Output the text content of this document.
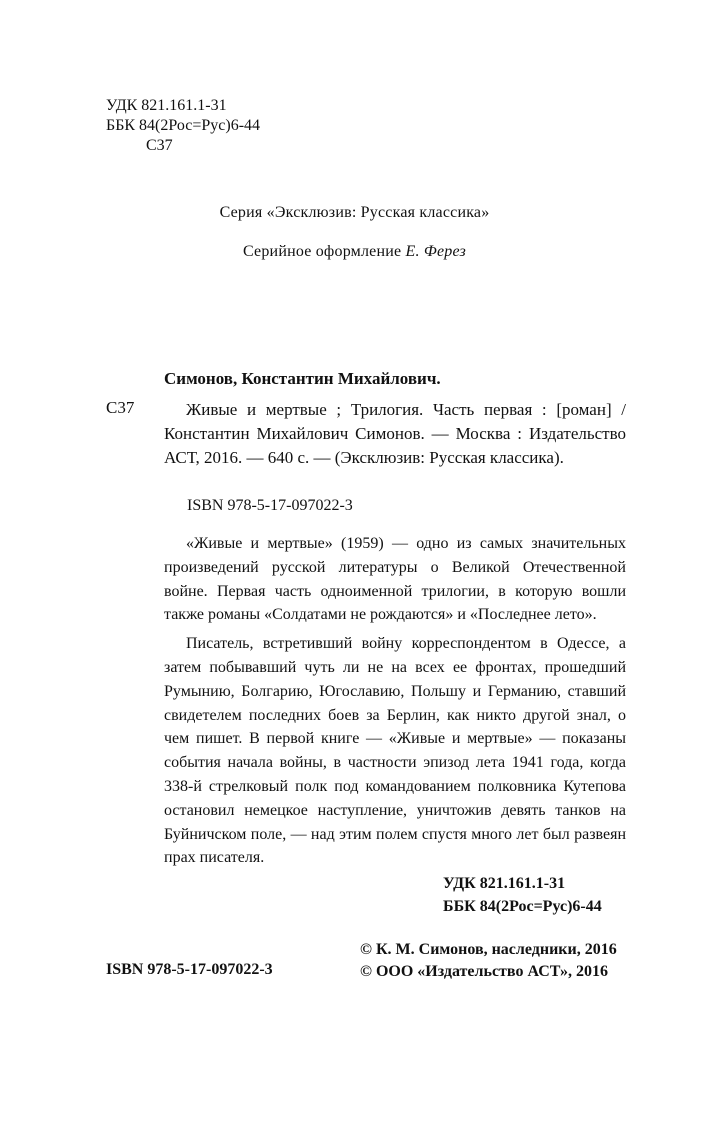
УДК 821.161.1-31
ББК 84(2Рос=Рус)6-44
С37
Серия «Эксклюзив: Русская классика»
Серийное оформление Е. Ферез
Симонов, Константин Михайлович.
С37	Живые и мертвые ; Трилогия. Часть первая : [роман] / Константин Михайлович Симонов. — Москва : Издательство АСТ, 2016. — 640 с. — (Эксклюзив: Русская классика).
ISBN 978-5-17-097022-3

«Живые и мертвые» (1959) — одно из самых значительных произведений русской литературы о Великой Отечественной войне. Первая часть одноименной трилогии, в которую вошли также романы «Солдатами не рождаются» и «Последнее лето».

Писатель, встретивший войну корреспондентом в Одессе, а затем побывавший чуть ли не на всех ее фронтах, прошедший Румынию, Болгарию, Югославию, Польшу и Германию, ставший свидетелем последних боев за Берлин, как никто другой знал, о чем пишет. В первой книге — «Живые и мертвые» — показаны события начала войны, в частности эпизод лета 1941 года, когда 338-й стрелковый полк под командованием полковника Кутепова остановил немецкое наступление, уничтожив девять танков на Буйничском поле, — над этим полем спустя много лет был развеян прах писателя.

УДК 821.161.1-31
ББК 84(2Рос=Рус)6-44
© К. М. Симонов, наследники, 2016
© ООО «Издательство АСТ», 2016
ISBN 978-5-17-097022-3
